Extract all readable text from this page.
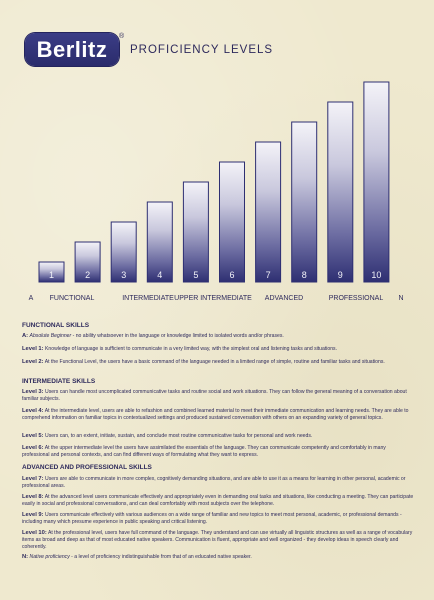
Berlitz
®
PROFICIENCY LEVELS
1	2	3	4	5	6	7	8	9	10
A FUNCTIONAL	INTERMEDIATE UPPER INTERMEDIATE ADVANCED	PROFESSIONAL N
FUNCTIONAL SKILLS
A: Absolute Beginner - no ability whatsoever in the language or knowledge limited to isolated words and/or phrases.
Level 1: Knowledge of language is sufficient to communicate in a very limited way, with the simplest oral and listening tasks and situations.
Level 2: At the Functional Level, the users have a basic command of the language needed in a limited range of simple, routine and familiar tasks and situations.
INTERMEDIATE SKILLS
Level 3: Users can handle most uncomplicated communicative tasks and routine social and work situations. They can follow the general meaning of a conversation about familiar subjects.
Level 4: At the intermediate level, users are able to refashion and combined learned material to meet their immediate communication and learning needs. They are able to comprehend information on familiar topics in contextualized settings and produced sustained conversation with others on an expanding variety of general topics.
Level 5: Users can, to an extent, initiate, sustain, and conclude most routine communicative tasks for personal and work needs.
Level 6: At the upper intermediate level the users have assimilated the essentials of the language. They can communicate competently and comfortably in many professional and personal contexts, and can find different ways of formulating what they want to express.
ADVANCED AND PROFESSIONAL SKILLS
Level 7: Users are able to communicate in more complex, cognitively demanding situations, and are able to use it as a means for learning in other personal, academic or professional areas.
Level 8: At the advanced level users communicate effectively and appropriately even in demanding oral tasks and situations, like conducting a meeting. They can participate easily in social and professional conversations, and can deal comfortably with most subjects over the telephone.
Level 9: Users communicate effectively with various audiences on a wide range of familiar and new topics to meet most personal, academic, or professional demands - including many which presume experience in public speaking and critical listening.
Level 10: At the professional level, users have full command of the language. They understand and can use virtually all linguistic structures as well as a range of vocabulary items as broad and deep as that of most educated native speakers. Communication is fluent, appropriate and well organized - they develop ideas in speech clearly and coherently.
N: Native proficiency - a level of proficiency indistinguishable from that of an educated native speaker.
